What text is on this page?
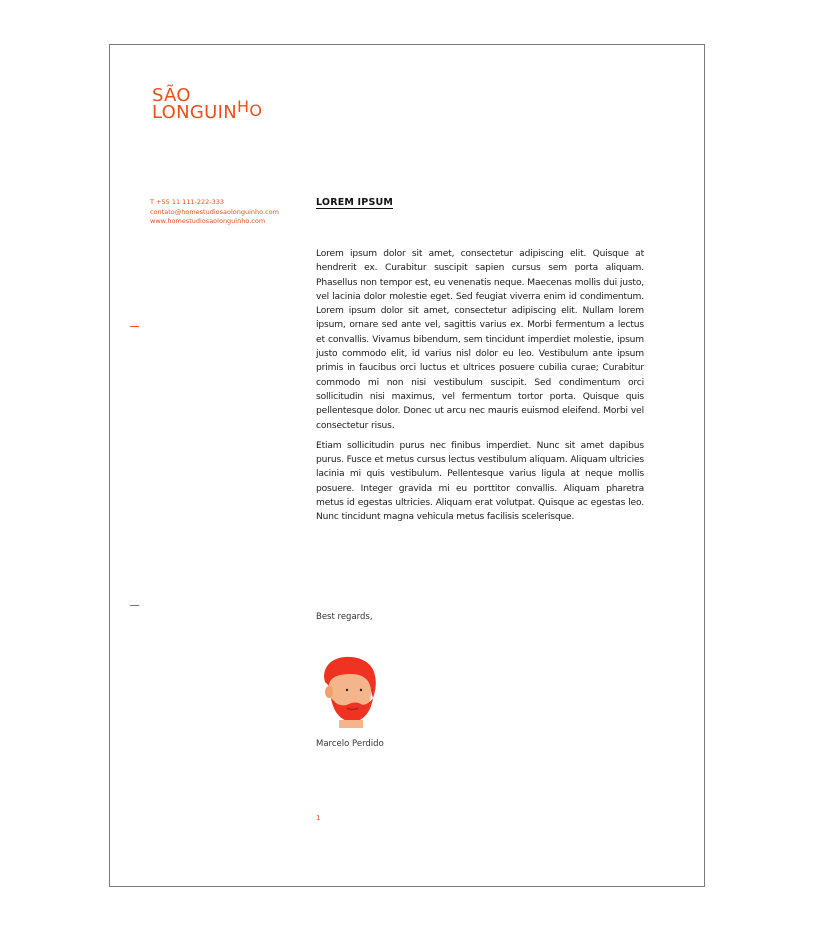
SÃO
LONGUINHO
T +55 11 111-222-333
contato@homestudiosaolonguinho.com
www.homestudiosaolonguinho.com
LOREM IPSUM

Lorem ipsum dolor sit amet, consectetur adipiscing elit. Quisque at hendrerit ex. Curabitur suscipit sapien cursus sem porta aliquam. Phasellus non tempor est, eu venenatis neque. Maecenas mollis dui justo, vel lacinia dolor molestie eget. Sed feugiat viverra enim id condimentum. Lorem ipsum dolor sit amet, consectetur adipiscing elit. Nullam lorem ipsum, ornare sed ante vel, sagittis varius ex. Morbi fermentum a lectus et convallis. Vivamus bibendum, sem tincidunt imperdiet molestie, ipsum justo commodo elit, id varius nisl dolor eu leo. Vestibulum ante ipsum primis in faucibus orci luctus et ultrices posuere cubilia curae; Curabitur commodo mi non nisi vestibulum suscipit. Sed condimentum orci sollicitudin nisi maximus, vel fermentum tortor porta. Quisque quis pellentesque dolor. Donec ut arcu nec mauris euismod eleifend. Morbi vel consectetur risus.

Etiam sollicitudin purus nec finibus imperdiet. Nunc sit amet dapibus purus. Fusce et metus cursus lectus vestibulum aliquam. Aliquam ultricies lacinia mi quis vestibulum. Pellentesque varius ligula at neque mollis posuere. Integer gravida mi eu porttitor convallis. Aliquam pharetra metus id egestas ultricies. Aliquam erat volutpat. Quisque ac egestas leo. Nunc tincidunt magna vehicula metus facilisis scelerisque.

Best regards,
Marcelo Perdido
1
